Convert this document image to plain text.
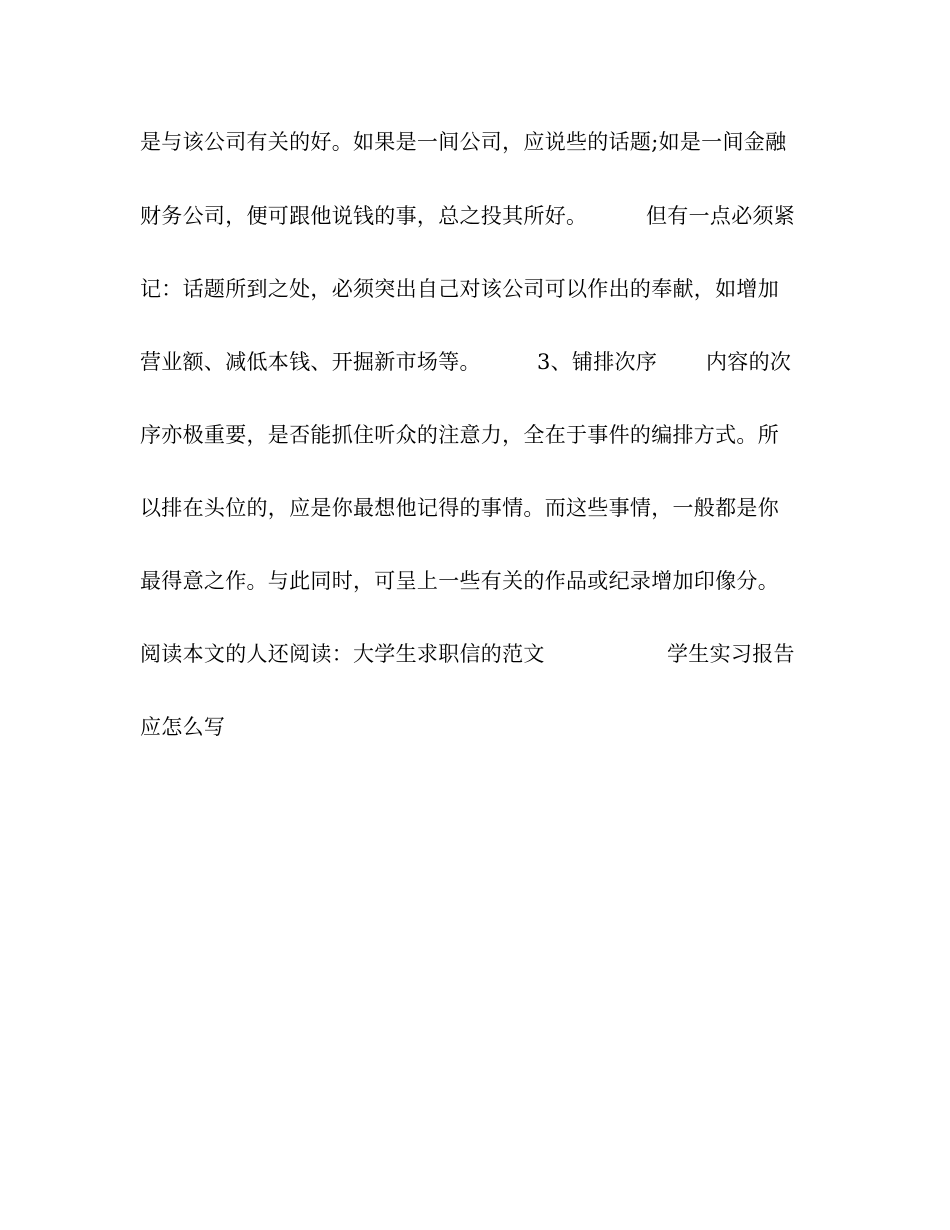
是与该公司有关的好。如果是一间公司，应说些的话题;如是一间金融
财务公司，便可跟他说钱的事，总之投其所好。	但有一点必须紧
记：话题所到之处，必须突出自己对该公司可以作出的奉献，如增加
营业额、减低本钱、开掘新市场等。	3、铺排次序 内容的次
序亦极重要，是否能抓住听众的注意力，全在于事件的编排方式。所
以排在头位的，应是你最想他记得的事情。而这些事情，一般都是你
最得意之作。与此同时，可呈上一些有关的作品或纪录增加印像分。
阅读本文的人还阅读：大学生求职信的范文	学生实习报告
应怎么写
